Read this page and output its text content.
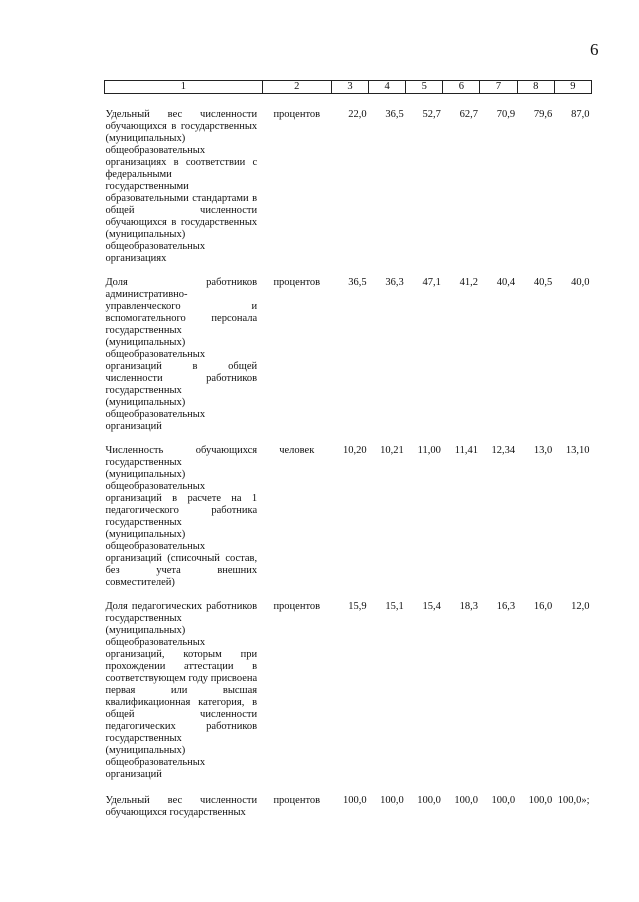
6
1	2	3	4	5	6	7	8	9
Удельный вес численности обучающихся в государственных (муниципальных) общеобразовательных организациях в соответствии с федеральными государственными образовательными стандартами в общей численности обучающихся в государственных (муниципальных) общеобразовательных организациях	процентов	22,0	36,5	52,7	62,7	70,9	79,6	87,0
Доля работников административно-управленческого и вспомогательного персонала государственных (муниципальных) общеобразовательных организаций в общей численности работников государственных (муниципальных) общеобразовательных организаций	процентов	36,5	36,3	47,1	41,2	40,4	40,5	40,0
Численность обучающихся государственных (муниципальных) общеобразовательных организаций в расчете на 1 педагогического работника государственных (муниципальных) общеобразовательных организаций (списочный состав, без учета внешних совместителей)	человек	10,20	10,21	11,00	11,41	12,34	13,0	13,10
Доля педагогических работников государственных (муниципальных) общеобразовательных организаций, которым при прохождении аттестации в соответствующем году присвоена первая или высшая квалификационная категория, в общей численности педагогических работников государственных (муниципальных) общеобразовательных организаций	процентов	15,9	15,1	15,4	18,3	16,3	16,0	12,0
Удельный вес численности обучающихся государственных	процентов	100,0	100,0	100,0	100,0	100,0	100,0	100,0»;
